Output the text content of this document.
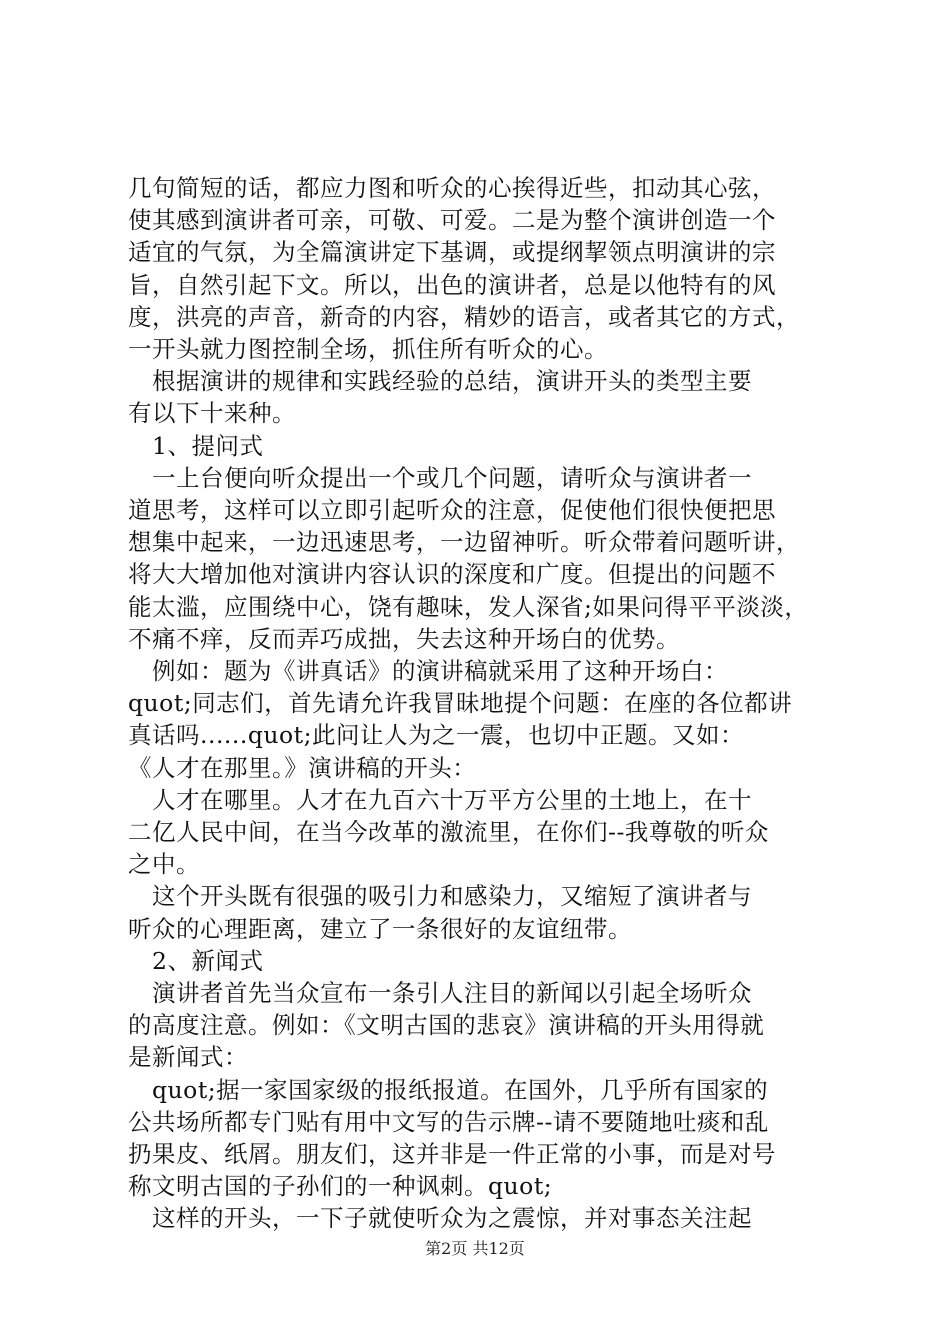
几句简短的话，都应力图和听众的心挨得近些，扣动其心弦，
使其感到演讲者可亲，可敬、可爱。二是为整个演讲创造一个
适宜的气氛，为全篇演讲定下基调，或提纲挈领点明演讲的宗
旨，自然引起下文。所以，出色的演讲者，总是以他特有的风
度，洪亮的声音，新奇的内容，精妙的语言，或者其它的方式，
一开头就力图控制全场，抓住所有听众的心。
　根据演讲的规律和实践经验的总结，演讲开头的类型主要
有以下十来种。
　1、提问式
　一上台便向听众提出一个或几个问题，请听众与演讲者一
道思考，这样可以立即引起听众的注意，促使他们很快便把思
想集中起来，一边迅速思考，一边留神听。听众带着问题听讲，
将大大增加他对演讲内容认识的深度和广度。但提出的问题不
能太滥，应围绕中心，饶有趣味，发人深省;如果问得平平淡淡，
不痛不痒，反而弄巧成拙，失去这种开场白的优势。
　例如：题为《讲真话》的演讲稿就采用了这种开场白：
quot;同志们，首先请允许我冒昧地提个问题：在座的各位都讲
真话吗......quot;此问让人为之一震，也切中正题。又如：
《人才在那里。》演讲稿的开头：
　人才在哪里。人才在九百六十万平方公里的土地上，在十
二亿人民中间，在当今改革的激流里，在你们--我尊敬的听众
之中。
　这个开头既有很强的吸引力和感染力，又缩短了演讲者与
听众的心理距离，建立了一条很好的友谊纽带。
　2、新闻式
　演讲者首先当众宣布一条引人注目的新闻以引起全场听众
的高度注意。例如：《文明古国的悲哀》演讲稿的开头用得就
是新闻式：
　quot;据一家国家级的报纸报道。在国外，几乎所有国家的
公共场所都专门贴有用中文写的告示牌--请不要随地吐痰和乱
扔果皮、纸屑。朋友们，这并非是一件正常的小事，而是对号
称文明古国的子孙们的一种讽刺。quot;
　这样的开头，一下子就使听众为之震惊，并对事态关注起
第2页 共12页
